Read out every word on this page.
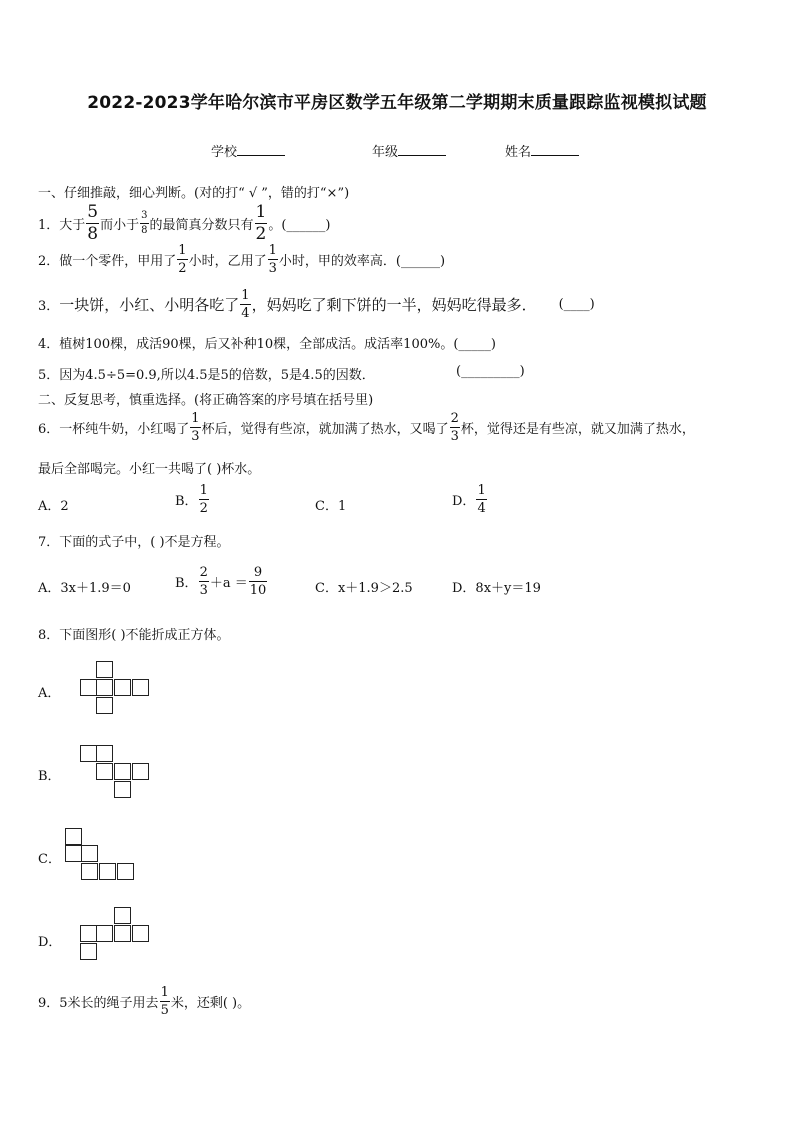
2022-2023学年哈尔滨市平房区数学五年级第二学期期末质量跟踪监视模拟试题
学校	年级	姓名
一、仔细推敲，细心判断。(对的打“ √ ”，错的打“×”)
1． 大于 $\frac{5}{8}$ 而小于 $\frac{3}{8}$ 的最简真分数只有 $\frac{1}{2}$ 。(______)
2． 做一个零件，甲用了 $\frac{1}{2}$ 小时，乙用了 $\frac{1}{3}$ 小时，甲的效率高．(______)
3． 一块饼，小红、小明各吃了 $\frac{1}{4}$ ，妈妈吃了剩下饼的一半，妈妈吃得最多． (____)
4．植树100棵，成活90棵，后又补种10棵，全部成活。成活率100%。(_____)
5．因为4.5÷5=0.9,所以4.5是5的倍数，5是4.5的因数．	(_________)
二、反复思考，慎重选择。(将正确答案的序号填在括号里)
6． 一杯纯牛奶，小红喝了 $\frac{1}{3}$ 杯后，觉得有些凉，就加满了热水，又喝了 $\frac{2}{3}$ 杯，觉得还是有些凉，就又加满了热水，
最后全部喝完。小红一共喝了( )杯水。
A．2	B． $\frac{1}{2}$	C．1	D． $\frac{1}{4}$
7．下面的式子中，( )不是方程。
A．3x＋1.9＝0	B． $\frac{2}{3} +a = \frac{9}{10}$	C．x＋1.9＞2.5	D．8x＋y＝19
8．下面图形( )不能折成正方体。
A．
B．
C．
D．
9． 5米长的绳子用去 $\frac{1}{5}$ 米，还剩( )。
